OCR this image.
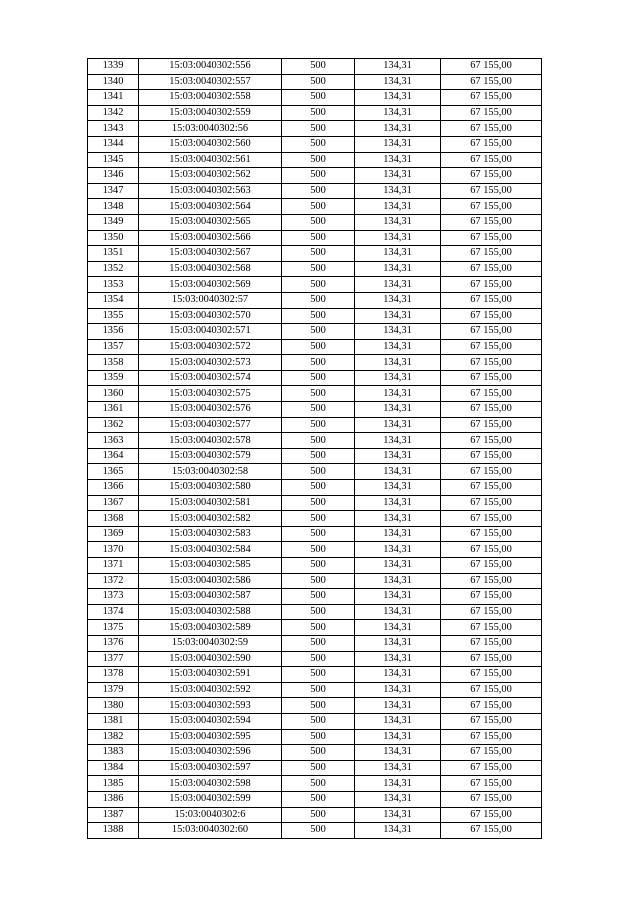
1339	15:03:0040302:556	500	134,31	67 155,00
1340	15:03:0040302:557	500	134,31	67 155,00
1341	15:03:0040302:558	500	134,31	67 155,00
1342	15:03:0040302:559	500	134,31	67 155,00
1343	15:03:0040302:56	500	134,31	67 155,00
1344	15:03:0040302:560	500	134,31	67 155,00
1345	15:03:0040302:561	500	134,31	67 155,00
1346	15:03:0040302:562	500	134,31	67 155,00
1347	15:03:0040302:563	500	134,31	67 155,00
1348	15:03:0040302:564	500	134,31	67 155,00
1349	15:03:0040302:565	500	134,31	67 155,00
1350	15:03:0040302:566	500	134,31	67 155,00
1351	15:03:0040302:567	500	134,31	67 155,00
1352	15:03:0040302:568	500	134,31	67 155,00
1353	15:03:0040302:569	500	134,31	67 155,00
1354	15:03:0040302:57	500	134,31	67 155,00
1355	15:03:0040302:570	500	134,31	67 155,00
1356	15:03:0040302:571	500	134,31	67 155,00
1357	15:03:0040302:572	500	134,31	67 155,00
1358	15:03:0040302:573	500	134,31	67 155,00
1359	15:03:0040302:574	500	134,31	67 155,00
1360	15:03:0040302:575	500	134,31	67 155,00
1361	15:03:0040302:576	500	134,31	67 155,00
1362	15:03:0040302:577	500	134,31	67 155,00
1363	15:03:0040302:578	500	134,31	67 155,00
1364	15:03:0040302:579	500	134,31	67 155,00
1365	15:03:0040302:58	500	134,31	67 155,00
1366	15:03:0040302:580	500	134,31	67 155,00
1367	15:03:0040302:581	500	134,31	67 155,00
1368	15:03:0040302:582	500	134,31	67 155,00
1369	15:03:0040302:583	500	134,31	67 155,00
1370	15:03:0040302:584	500	134,31	67 155,00
1371	15:03:0040302:585	500	134,31	67 155,00
1372	15:03:0040302:586	500	134,31	67 155,00
1373	15:03:0040302:587	500	134,31	67 155,00
1374	15:03:0040302:588	500	134,31	67 155,00
1375	15:03:0040302:589	500	134,31	67 155,00
1376	15:03:0040302:59	500	134,31	67 155,00
1377	15:03:0040302:590	500	134,31	67 155,00
1378	15:03:0040302:591	500	134,31	67 155,00
1379	15:03:0040302:592	500	134,31	67 155,00
1380	15:03:0040302:593	500	134,31	67 155,00
1381	15:03:0040302:594	500	134,31	67 155,00
1382	15:03:0040302:595	500	134,31	67 155,00
1383	15:03:0040302:596	500	134,31	67 155,00
1384	15:03:0040302:597	500	134,31	67 155,00
1385	15:03:0040302:598	500	134,31	67 155,00
1386	15:03:0040302:599	500	134,31	67 155,00
1387	15:03:0040302:6	500	134,31	67 155,00
1388	15:03:0040302:60	500	134,31	67 155,00
